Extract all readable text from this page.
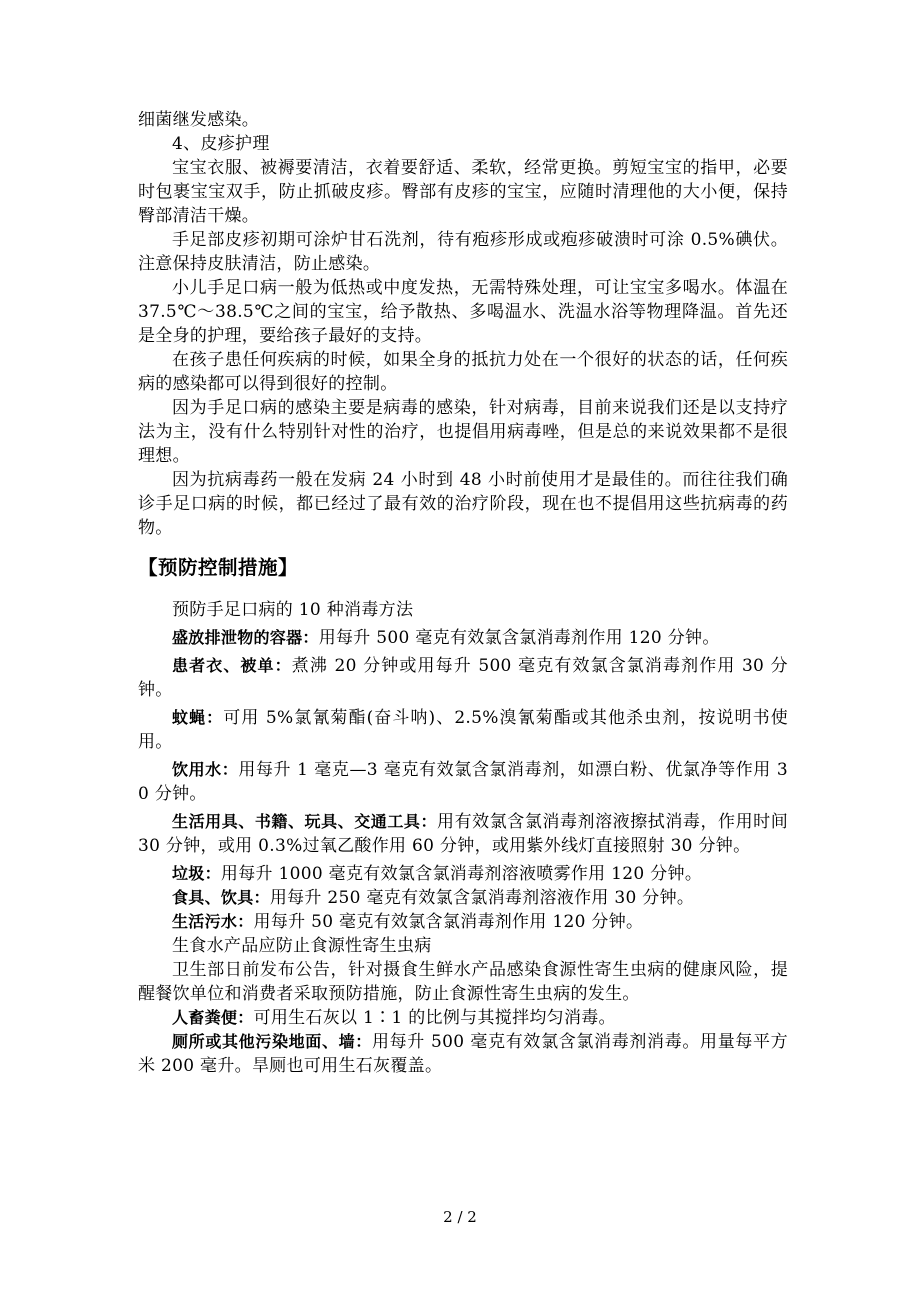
细菌继发感染。

4、皮疹护理

宝宝衣服、被褥要清洁，衣着要舒适、柔软，经常更换。剪短宝宝的指甲，必要时包裹宝宝双手，防止抓破皮疹。臀部有皮疹的宝宝，应随时清理他的大小便，保持臀部清洁干燥。

手足部皮疹初期可涂炉甘石洗剂，待有疱疹形成或疱疹破溃时可涂 0.5%碘伏。注意保持皮肤清洁，防止感染。

小儿手足口病一般为低热或中度发热，无需特殊处理，可让宝宝多喝水。体温在 37.5℃～38.5℃之间的宝宝，给予散热、多喝温水、洗温水浴等物理降温。首先还是全身的护理，要给孩子最好的支持。

在孩子患任何疾病的时候，如果全身的抵抗力处在一个很好的状态的话，任何疾病的感染都可以得到很好的控制。

因为手足口病的感染主要是病毒的感染，针对病毒，目前来说我们还是以支持疗法为主，没有什么特别针对性的治疗，也提倡用病毒唑，但是总的来说效果都不是很理想。

因为抗病毒药一般在发病 24 小时到 48 小时前使用才是最佳的。而往往我们确诊手足口病的时候，都已经过了最有效的治疗阶段，现在也不提倡用这些抗病毒的药物。

【预防控制措施】

预防手足口病的 10 种消毒方法

盛放排泄物的容器：用每升 500 毫克有效氯含氯消毒剂作用 120 分钟。

患者衣、被单：煮沸 20 分钟或用每升 500 毫克有效氯含氯消毒剂作用 30 分钟。

蚊蝇：可用 5%氯氰菊酯(奋斗呐)、2.5%溴氰菊酯或其他杀虫剂，按说明书使用。

饮用水：用每升 1 毫克—3 毫克有效氯含氯消毒剂，如漂白粉、优氯净等作用 30 分钟。

生活用具、书籍、玩具、交通工具：用有效氯含氯消毒剂溶液擦拭消毒，作用时间 30 分钟，或用 0.3%过氧乙酸作用 60 分钟，或用紫外线灯直接照射 30 分钟。

垃圾：用每升 1000 毫克有效氯含氯消毒剂溶液喷雾作用 120 分钟。

食具、饮具：用每升 250 毫克有效氯含氯消毒剂溶液作用 30 分钟。

生活污水：用每升 50 毫克有效氯含氯消毒剂作用 120 分钟。

生食水产品应防止食源性寄生虫病

卫生部日前发布公告，针对摄食生鲜水产品感染食源性寄生虫病的健康风险，提醒餐饮单位和消费者采取预防措施，防止食源性寄生虫病的发生。

人畜粪便：可用生石灰以 1∶1 的比例与其搅拌均匀消毒。

厕所或其他污染地面、墙：用每升 500 毫克有效氯含氯消毒剂消毒。用量每平方米 200 毫升。旱厕也可用生石灰覆盖。

2 / 2
